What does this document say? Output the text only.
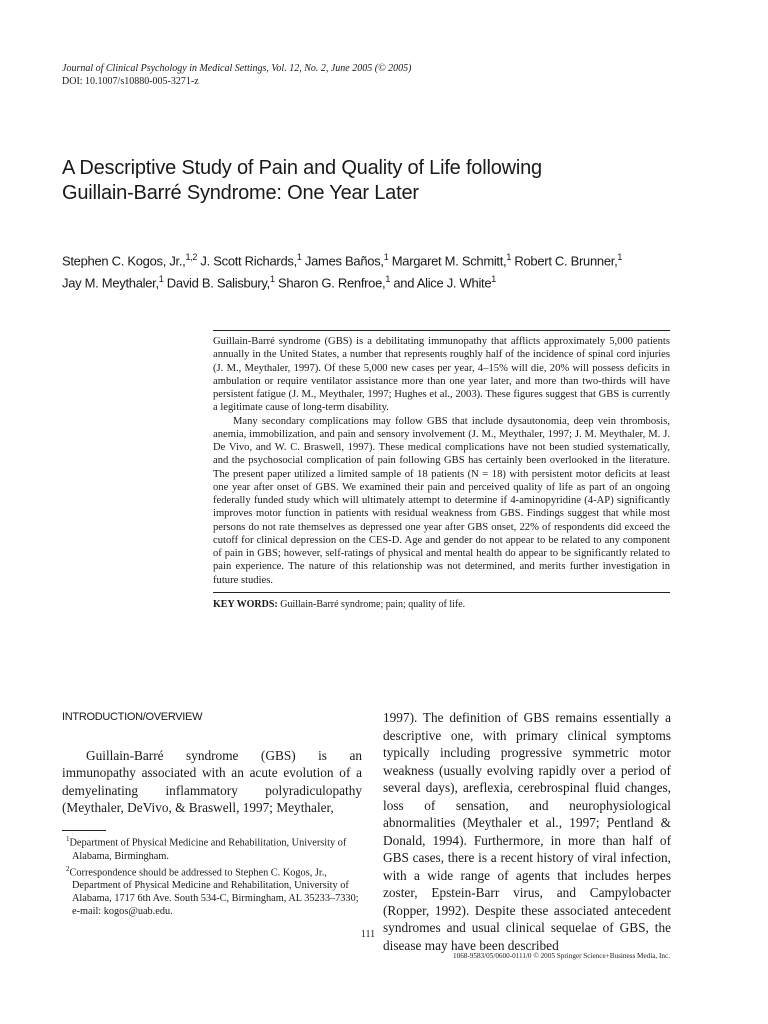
Journal of Clinical Psychology in Medical Settings, Vol. 12, No. 2, June 2005 (© 2005)
DOI: 10.1007/s10880-005-3271-z
A Descriptive Study of Pain and Quality of Life following
Guillain-Barré Syndrome: One Year Later
Stephen C. Kogos, Jr.,$^{1,2}$ J. Scott Richards,$^1$ James Baños,$^1$ Margaret M. Schmitt,$^1$ Robert C. Brunner,$^1$
Jay M. Meythaler,$^1$ David B. Salisbury,$^1$ Sharon G. Renfroe,$^1$ and Alice J. White$^1$

Guillain-Barré syndrome (GBS) is a debilitating immunopathy that afflicts approximately 5,000 patients annually in the United States, a number that represents roughly half of the incidence of spinal cord injuries (J. M., Meythaler, 1997). Of these 5,000 new cases per year, 4–15% will die, 20% will possess deficits in ambulation or require ventilator assistance more than one year later, and more than two-thirds will have persistent fatigue (J. M., Meythaler, 1997; Hughes et al., 2003). These figures suggest that GBS is currently a legitimate cause of long-term disability.

Many secondary complications may follow GBS that include dysautonomia, deep vein thrombosis, anemia, immobilization, and pain and sensory involvement (J. M., Meythaler, 1997; J. M. Meythaler, M. J. De Vivo, and W. C. Braswell, 1997). These medical complications have not been studied systematically, and the psychosocial complication of pain following GBS has certainly been overlooked in the literature. The present paper utilized a limited sample of 18 patients (N = 18) with persistent motor deficits at least one year after onset of GBS. We examined their pain and perceived quality of life as part of an ongoing federally funded study which will ultimately attempt to determine if 4-aminopyridine (4-AP) significantly improves motor function in patients with residual weakness from GBS. Findings suggest that while most persons do not rate themselves as depressed one year after GBS onset, 22% of respondents did exceed the cutoff for clinical depression on the CES-D. Age and gender do not appear to be related to any component of pain in GBS; however, self-ratings of physical and mental health do appear to be significantly related to pain experience. The nature of this relationship was not determined, and merits further investigation in future studies.

KEY WORDS: Guillain-Barré syndrome; pain; quality of life.
INTRODUCTION/OVERVIEW

Guillain-Barré syndrome (GBS) is an immunopathy associated with an acute evolution of a demyelinating inflammatory polyradiculopathy (Meythaler, DeVivo, & Braswell, 1997; Meythaler,

1997). The definition of GBS remains essentially a descriptive one, with primary clinical symptoms typically including progressive symmetric motor weakness (usually evolving rapidly over a period of several days), areflexia, cerebrospinal fluid changes, loss of sensation, and neurophysiological abnormalities (Meythaler et al., 1997; Pentland & Donald, 1994). Furthermore, in more than half of GBS cases, there is a recent history of viral infection, with a wide range of agents that includes herpes zoster, Epstein-Barr virus, and Campylobacter (Ropper, 1992). Despite these associated antecedent syndromes and usual clinical sequelae of GBS, the disease may have been described

$^1$Department of Physical Medicine and Rehabilitation, University of Alabama, Birmingham.
$^2$Correspondence should be addressed to Stephen C. Kogos, Jr., Department of Physical Medicine and Rehabilitation, University of Alabama, 1717 6th Ave. South 534-C, Birmingham, AL 35233–7330; e-mail: kogos@uab.edu.
111
1068-9583/05/0600-0111/0 © 2005 Springer Science+Business Media, Inc.
